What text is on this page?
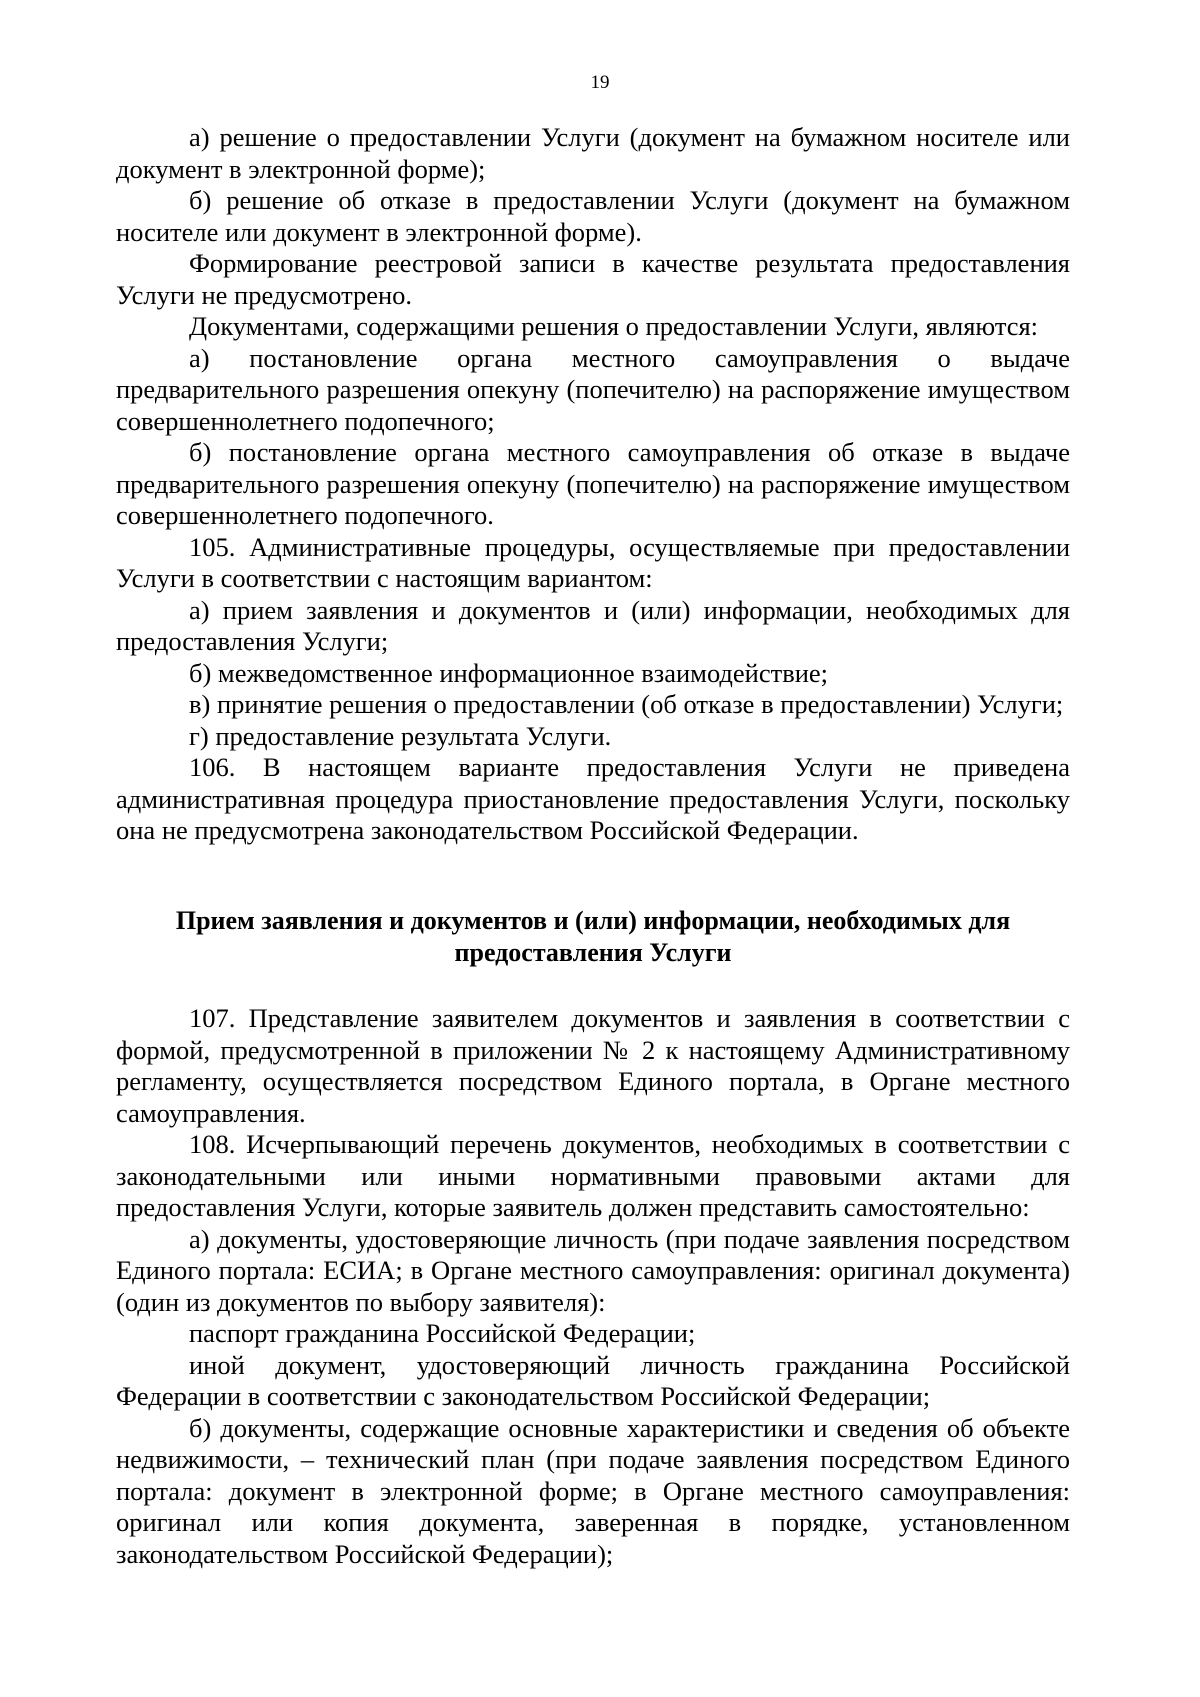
19

а) решение о предоставлении Услуги (документ на бумажном носителе или документ в электронной форме);

б) решение об отказе в предоставлении Услуги (документ на бумажном носителе или документ в электронной форме).

Формирование реестровой записи в качестве результата предоставления Услуги не предусмотрено.

Документами, содержащими решения о предоставлении Услуги, являются:

а) постановление органа местного самоуправления о выдаче предварительного разрешения опекуну (попечителю) на распоряжение имуществом совершеннолетнего подопечного;

б) постановление органа местного самоуправления об отказе в выдаче предварительного разрешения опекуну (попечителю) на распоряжение имуществом совершеннолетнего подопечного.

105. Административные процедуры, осуществляемые при предоставлении Услуги в соответствии с настоящим вариантом:

а) прием заявления и документов и (или) информации, необходимых для предоставления Услуги;

б) межведомственное информационное взаимодействие;

в) принятие решения о предоставлении (об отказе в предоставлении) Услуги;

г) предоставление результата Услуги.

106. В настоящем варианте предоставления Услуги не приведена административная процедура приостановление предоставления Услуги, поскольку она не предусмотрена законодательством Российской Федерации.

Прием заявления и документов и (или) информации, необходимых для
предоставления Услуги

107. Представление заявителем документов и заявления в соответствии с формой, предусмотренной в приложении № 2 к настоящему Административному регламенту, осуществляется посредством Единого портала, в Органе местного самоуправления.

108. Исчерпывающий перечень документов, необходимых в соответствии с законодательными или иными нормативными правовыми актами для предоставления Услуги, которые заявитель должен представить самостоятельно:

а) документы, удостоверяющие личность (при подаче заявления посредством Единого портала: ЕСИА; в Органе местного самоуправления: оригинал документа) (один из документов по выбору заявителя):

паспорт гражданина Российской Федерации;

иной документ, удостоверяющий личность гражданина Российской Федерации в соответствии с законодательством Российской Федерации;

б) документы, содержащие основные характеристики и сведения об объекте недвижимости, – технический план (при подаче заявления посредством Единого портала: документ в электронной форме; в Органе местного самоуправления: оригинал или копия документа, заверенная в порядке, установленном законодательством Российской Федерации);
